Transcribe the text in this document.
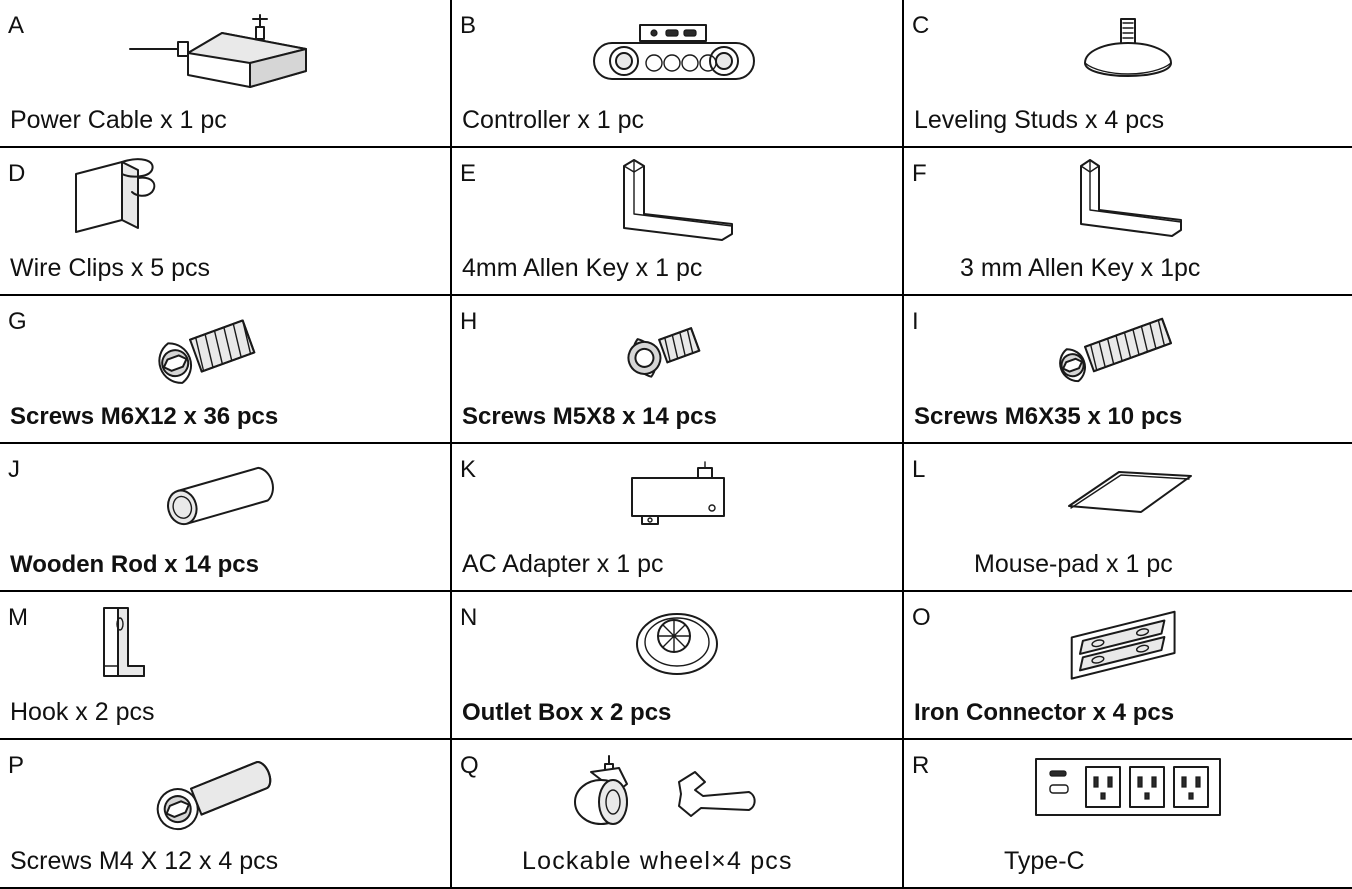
A
Power Cable x 1 pc
B
Controller x 1 pc
C
Leveling Studs x 4 pcs
D
Wire Clips x 5 pcs
E
4mm Allen Key x 1 pc
F
3 mm Allen Key x 1pc
G
Screws M6X12 x 36 pcs
H
Screws M5X8 x 14 pcs
I
Screws M6X35 x 10 pcs
J
Wooden Rod x 14 pcs
K
AC Adapter x 1 pc
L
Mouse-pad x 1 pc
M
Hook x 2 pcs
N
Outlet Box x 2 pcs
O
Iron Connector x 4 pcs
P
Screws M4 X 12 x 4 pcs
Q
Lockable wheel×4 pcs
R
Type-C
